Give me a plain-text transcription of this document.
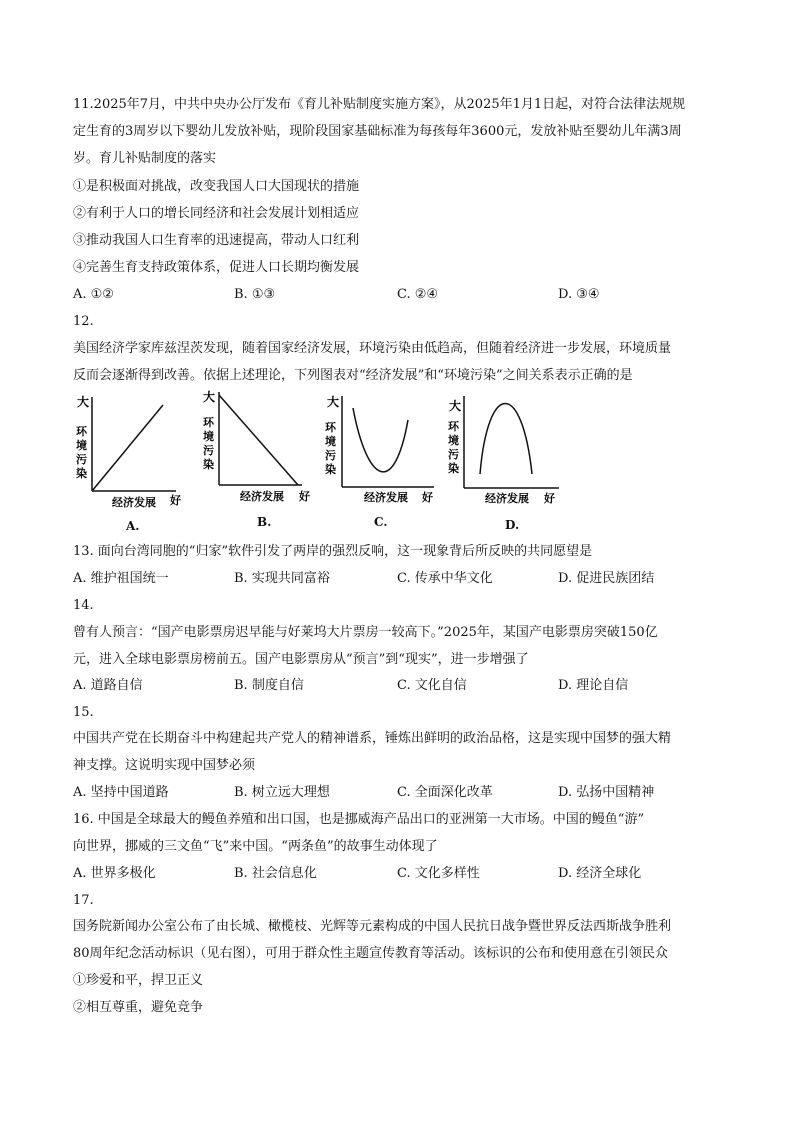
11.2025年7月，中共中央办公厅发布《育儿补贴制度实施方案》，从2025年1月1日起，对符合法律法规规
定生育的3周岁以下婴幼儿发放补贴，现阶段国家基础标准为每孩每年3600元，发放补贴至婴幼儿年满3周
岁。育儿补贴制度的落实
①是积极面对挑战，改变我国人口大国现状的措施
②有利于人口的增长同经济和社会发展计划相适应
③推动我国人口生育率的迅速提高，带动人口红利
④完善生育支持政策体系，促进人口长期均衡发展
A. ①②	B. ①③	C. ②④	D. ③④
12.
美国经济学家库兹涅茨发现，随着国家经济发展，环境污染由低趋高，但随着经济进一步发展，环境质量
反而会逐渐得到改善。依据上述理论，下列图表对“经济发展”和“环境污染”之间关系表示正确的是
大
环
境
污
染
经济发展 好
A.
大
环
境
污
染
经济发展 好
B.
大
环
境
污
染
经济发展 好
C.
大
环
境
污
染
经济发展 好
D.
13. 面向台湾同胞的“归家”软件引发了两岸的强烈反响，这一现象背后所反映的共同愿望是
A. 维护祖国统一	B. 实现共同富裕	C. 传承中华文化	D. 促进民族团结
14.
曾有人预言：“国产电影票房迟早能与好莱坞大片票房一较高下。”2025年，某国产电影票房突破150亿
元，进入全球电影票房榜前五。国产电影票房从“预言”到“现实”，进一步增强了
A. 道路自信	B. 制度自信	C. 文化自信	D. 理论自信
15.
中国共产党在长期奋斗中构建起共产党人的精神谱系，锤炼出鲜明的政治品格，这是实现中国梦的强大精
神支撑。这说明实现中国梦必须
A. 坚持中国道路	B. 树立远大理想	C. 全面深化改革	D. 弘扬中国精神
16. 中国是全球最大的鳗鱼养殖和出口国，也是挪威海产品出口的亚洲第一大市场。中国的鳗鱼“游”
向世界，挪威的三文鱼“飞”来中国。“两条鱼”的故事生动体现了
A. 世界多极化	B. 社会信息化	C. 文化多样性	D. 经济全球化
17.
国务院新闻办公室公布了由长城、橄榄枝、光辉等元素构成的中国人民抗日战争暨世界反法西斯战争胜利
80周年纪念活动标识（见右图），可用于群众性主题宣传教育等活动。该标识的公布和使用意在引领民众
①珍爱和平，捍卫正义
②相互尊重，避免竞争
